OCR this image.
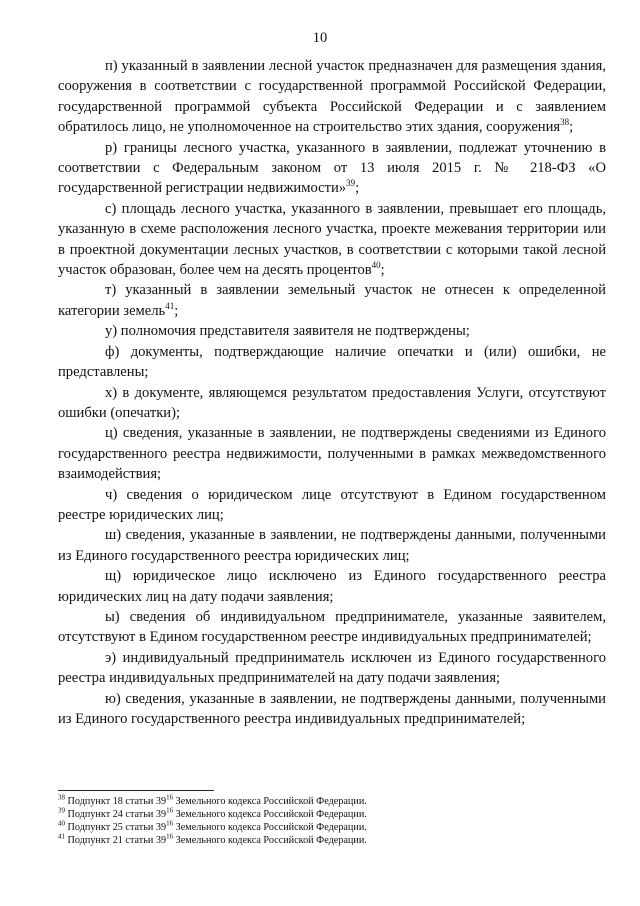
10

п) указанный в заявлении лесной участок предназначен для размещения здания, сооружения в соответствии с государственной программой Российской Федерации, государственной программой субъекта Российской Федерации и с заявлением обратилось лицо, не уполномоченное на строительство этих здания, сооружения$^{38}$;

р) границы лесного участка, указанного в заявлении, подлежат уточнению в соответствии с Федеральным законом от 13 июля 2015 г. № 218-ФЗ «О государственной регистрации недвижимости»$^{39}$;

с) площадь лесного участка, указанного в заявлении, превышает его площадь, указанную в схеме расположения лесного участка, проекте межевания территории или в проектной документации лесных участков, в соответствии с которыми такой лесной участок образован, более чем на десять процентов$^{40}$;

т) указанный в заявлении земельный участок не отнесен к определенной категории земель$^{41}$;

у) полномочия представителя заявителя не подтверждены;

ф) документы, подтверждающие наличие опечатки и (или) ошибки, не представлены;

х) в документе, являющемся результатом предоставления Услуги, отсутствуют ошибки (опечатки);

ц) сведения, указанные в заявлении, не подтверждены сведениями из Единого государственного реестра недвижимости, полученными в рамках межведомственного взаимодействия;

ч) сведения о юридическом лице отсутствуют в Едином государственном реестре юридических лиц;

ш) сведения, указанные в заявлении, не подтверждены данными, полученными из Единого государственного реестра юридических лиц;

щ) юридическое лицо исключено из Единого государственного реестра юридических лиц на дату подачи заявления;

ы) сведения об индивидуальном предпринимателе, указанные заявителем, отсутствуют в Едином государственном реестре индивидуальных предпринимателей;

э) индивидуальный предприниматель исключен из Единого государственного реестра индивидуальных предпринимателей на дату подачи заявления;

ю) сведения, указанные в заявлении, не подтверждены данными, полученными из Единого государственного реестра индивидуальных предпринимателей;

$^{38}$ Подпункт 18 статьи $39^{16}$ Земельного кодекса Российской Федерации.

$^{39}$ Подпункт 24 статьи $39^{16}$ Земельного кодекса Российской Федерации.

$^{40}$ Подпункт 25 статьи $39^{16}$ Земельного кодекса Российской Федерации.

$^{41}$ Подпункт 21 статьи $39^{16}$ Земельного кодекса Российской Федерации.
